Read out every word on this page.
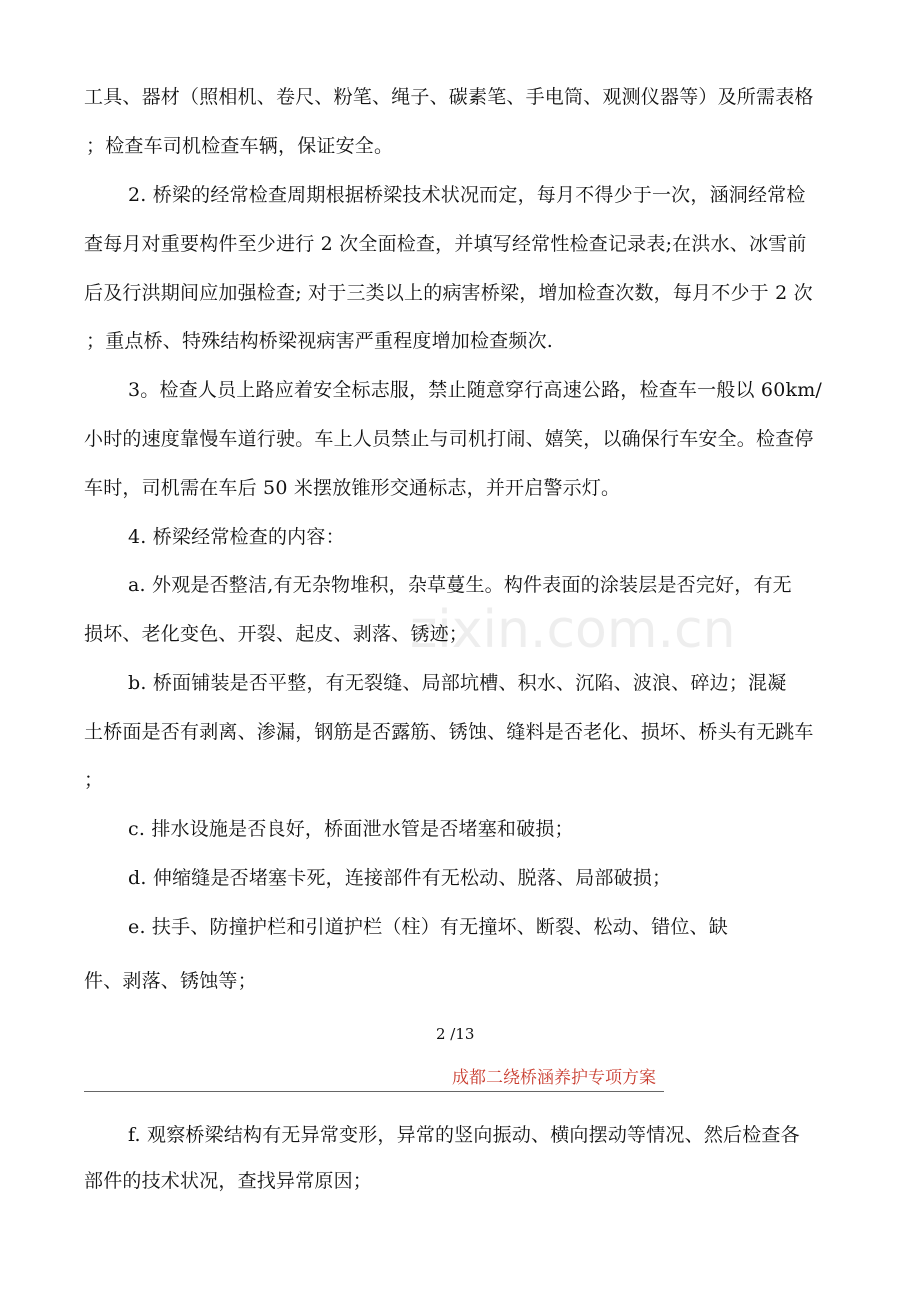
zixin.com.cn
工具、器材（照相机、卷尺、粉笔、绳子、碳素笔、手电筒、观测仪器等）及所需表格
；检查车司机检查车辆，保证安全。
2. 桥梁的经常检查周期根据桥梁技术状况而定，每月不得少于一次，涵洞经常检
查每月对重要构件至少进行 2 次全面检查，并填写经常性检查记录表;在洪水、冰雪前
后及行洪期间应加强检查; 对于三类以上的病害桥梁，增加检查次数，每月不少于 2 次
；重点桥、特殊结构桥梁视病害严重程度增加检查频次.
3。检查人员上路应着安全标志服，禁止随意穿行高速公路，检查车一般以 60km/
小时的速度靠慢车道行驶。车上人员禁止与司机打闹、嬉笑，以确保行车安全。检查停
车时，司机需在车后 50 米摆放锥形交通标志，并开启警示灯。
4. 桥梁经常检查的内容：
a. 外观是否整洁,有无杂物堆积，杂草蔓生。构件表面的涂装层是否完好，有无
损坏、老化变色、开裂、起皮、剥落、锈迹；
b. 桥面铺装是否平整，有无裂缝、局部坑槽、积水、沉陷、波浪、碎边；混凝
土桥面是否有剥离、渗漏，钢筋是否露筋、锈蚀、缝料是否老化、损坏、桥头有无跳车
；
c. 排水设施是否良好，桥面泄水管是否堵塞和破损；
d. 伸缩缝是否堵塞卡死，连接部件有无松动、脱落、局部破损；
e. 扶手、防撞护栏和引道护栏（柱）有无撞坏、断裂、松动、错位、缺
件、剥落、锈蚀等；
2 /13
成都二绕桥涵养护专项方案
f. 观察桥梁结构有无异常变形，异常的竖向振动、横向摆动等情况、然后检查各
部件的技术状况，查找异常原因；
